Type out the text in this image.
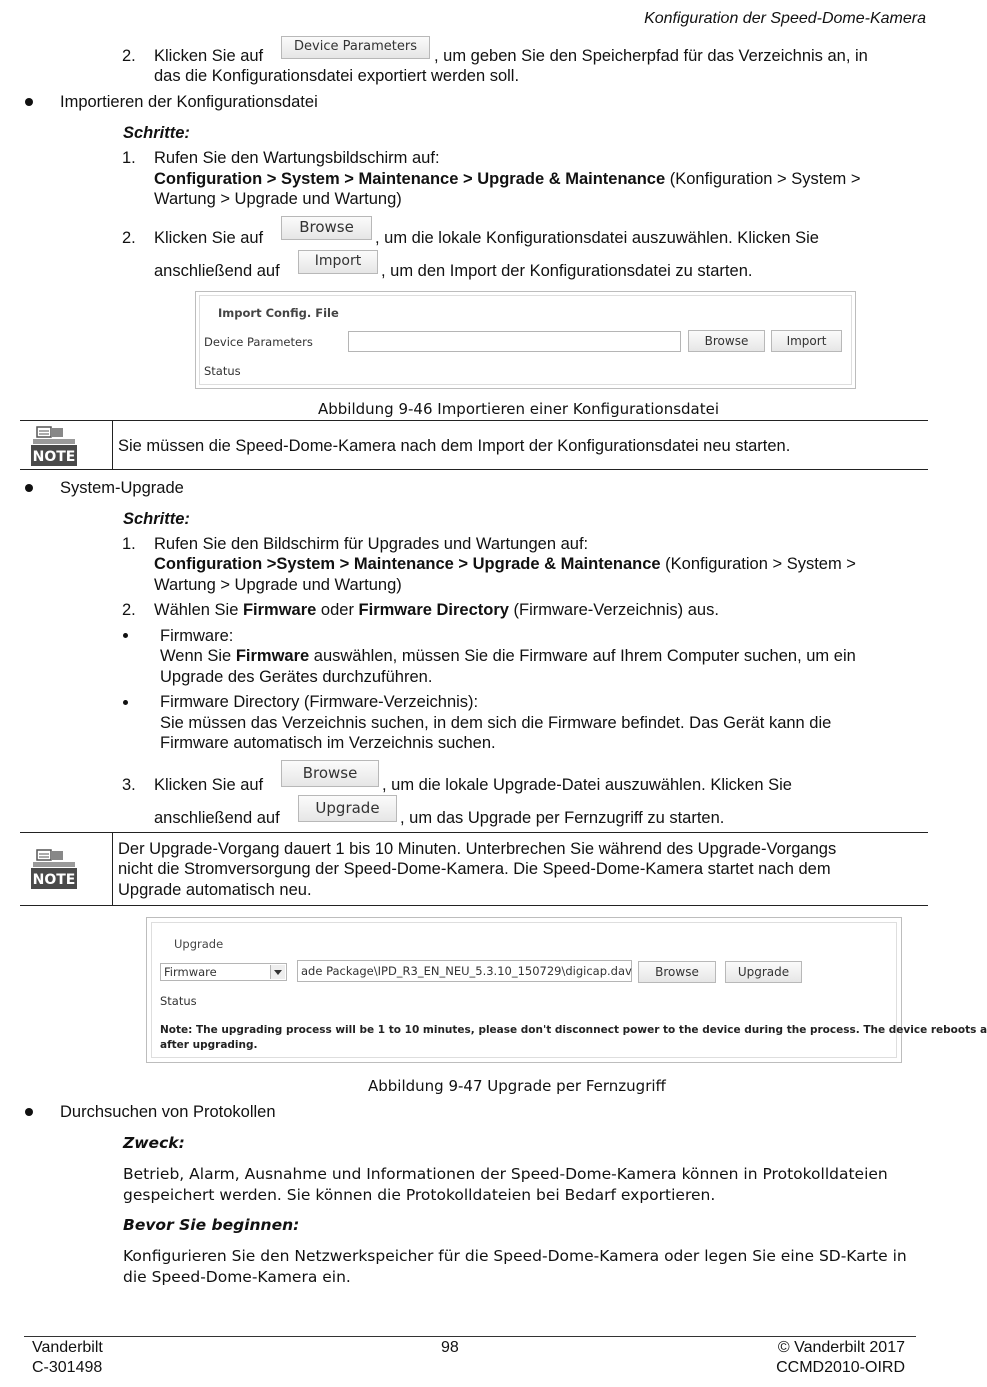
Konfiguration der Speed-Dome-Kamera
2. Klicken Sie auf
Device Parameters
, um geben Sie den Speicherpfad für das Verzeichnis an, in
das die Konfigurationsdatei exportiert werden soll.
Importieren der Konfigurationsdatei
Schritte:
1. Rufen Sie den Wartungsbildschirm auf:
Configuration > System > Maintenance > Upgrade & Maintenance (Konfiguration > System >
Wartung > Upgrade und Wartung)
2. Klicken Sie auf
Browse
, um die lokale Konfigurationsdatei auszuwählen. Klicken Sie
anschließend auf
Import
, um den Import der Konfigurationsdatei zu starten.
Import Config. File
Device Parameters	Browse	Import
Status
Abbildung 9-46 Importieren einer Konfigurationsdatei
NOTE
Sie müssen die Speed-Dome-Kamera nach dem Import der Konfigurationsdatei neu starten.
System-Upgrade
Schritte:
1. Rufen Sie den Bildschirm für Upgrades und Wartungen auf:
Configuration >System > Maintenance > Upgrade & Maintenance (Konfiguration > System >
Wartung > Upgrade und Wartung)
2. Wählen Sie Firmware oder Firmware Directory (Firmware-Verzeichnis) aus.
Firmware:
Wenn Sie Firmware auswählen, müssen Sie die Firmware auf Ihrem Computer suchen, um ein
Upgrade des Gerätes durchzuführen.
Firmware Directory (Firmware-Verzeichnis):
Sie müssen das Verzeichnis suchen, in dem sich die Firmware befindet. Das Gerät kann die
Firmware automatisch im Verzeichnis suchen.
3. Klicken Sie auf
Browse
, um die lokale Upgrade-Datei auszuwählen. Klicken Sie
anschließend auf
Upgrade
, um das Upgrade per Fernzugriff zu starten.
NOTE
Der Upgrade-Vorgang dauert 1 bis 10 Minuten. Unterbrechen Sie während des Upgrade-Vorgangs
nicht die Stromversorgung der Speed-Dome-Kamera. Die Speed-Dome-Kamera startet nach dem
Upgrade automatisch neu.
Upgrade
Firmware	ade Package\IPD_R3_EN_NEU_5.3.10_150729\digicap.dav	Browse	Upgrade
Status
Note: The upgrading process will be 1 to 10 minutes, please don't disconnect power to the device during the process. The device reboots a
after upgrading.
Abbildung 9-47 Upgrade per Fernzugriff
Durchsuchen von Protokollen
Zweck:
Betrieb, Alarm, Ausnahme und Informationen der Speed-Dome-Kamera können in Protokolldateien
gespeichert werden. Sie können die Protokolldateien bei Bedarf exportieren.
Bevor Sie beginnen:
Konfigurieren Sie den Netzwerkspeicher für die Speed-Dome-Kamera oder legen Sie eine SD-Karte in
die Speed-Dome-Kamera ein.
Vanderbilt
C-301498
98	© Vanderbilt 2017
CCMD2010-OIRD
